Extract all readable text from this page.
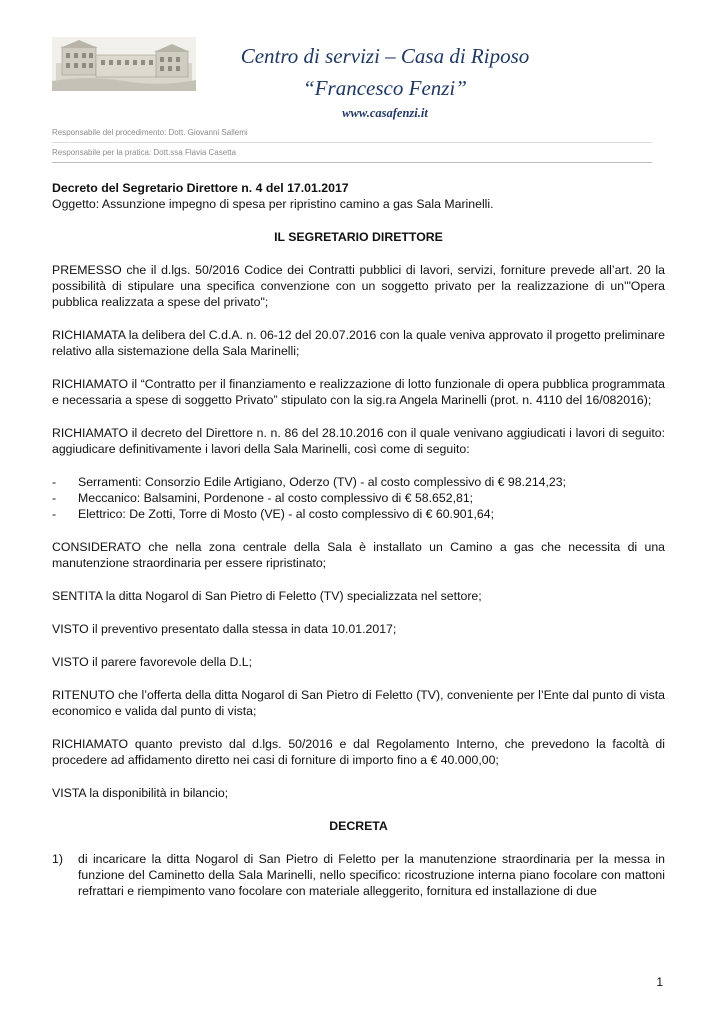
Centro di servizi – Casa di Riposo
“Francesco Fenzi”
www.casafenzi.it
Responsabile del procedimento: Dott. Giovanni Sallemi
Responsabile per la pratica: Dott.ssa Flavia Casetta

Decreto del Segretario Direttore n. 4 del 17.01.2017

Oggetto: Assunzione impegno di spesa per ripristino camino a gas Sala Marinelli.

IL SEGRETARIO DIRETTORE

PREMESSO che il d.lgs. 50/2016 Codice dei Contratti pubblici di lavori, servizi, forniture prevede all’art. 20 la possibilità di stipulare una specifica convenzione con un soggetto privato per la realizzazione di un'"Opera pubblica realizzata a spese del privato";

RICHIAMATA la delibera del C.d.A. n. 06-12 del 20.07.2016 con la quale veniva approvato il progetto preliminare relativo alla sistemazione della Sala Marinelli;

RICHIAMATO il “Contratto per il finanziamento e realizzazione di lotto funzionale di opera pubblica programmata e necessaria a spese di soggetto Privato” stipulato con la sig.ra Angela Marinelli (prot. n. 4110 del 16/082016);

RICHIAMATO il decreto del Direttore n. n. 86 del 28.10.2016 con il quale venivano aggiudicati i lavori di seguito: aggiudicare definitivamente i lavori della Sala Marinelli, così come di seguito:

- Serramenti: Consorzio Edile Artigiano, Oderzo (TV) - al costo complessivo di € 98.214,23;
- Meccanico: Balsamini, Pordenone - al costo complessivo di € 58.652,81;
- Elettrico: De Zotti, Torre di Mosto (VE) - al costo complessivo di € 60.901,64;

CONSIDERATO che nella zona centrale della Sala è installato un Camino a gas che necessita di una manutenzione straordinaria per essere ripristinato;

SENTITA la ditta Nogarol di San Pietro di Feletto (TV) specializzata nel settore;

VISTO il preventivo presentato dalla stessa in data 10.01.2017;

VISTO il parere favorevole della D.L;

RITENUTO che l’offerta della ditta Nogarol di San Pietro di Feletto (TV), conveniente per l’Ente dal punto di vista economico e valida dal punto di vista;

RICHIAMATO quanto previsto dal d.lgs. 50/2016 e dal Regolamento Interno, che prevedono la facoltà di procedere ad affidamento diretto nei casi di forniture di importo fino a € 40.000,00;

VISTA la disponibilità in bilancio;

DECRETA

1) di incaricare la ditta Nogarol di San Pietro di Feletto per la manutenzione straordinaria per la messa in funzione del Caminetto della Sala Marinelli, nello specifico: ricostruzione interna piano focolare con mattoni refrattari e riempimento vano focolare con materiale alleggerito, fornitura ed installazione di due
1
